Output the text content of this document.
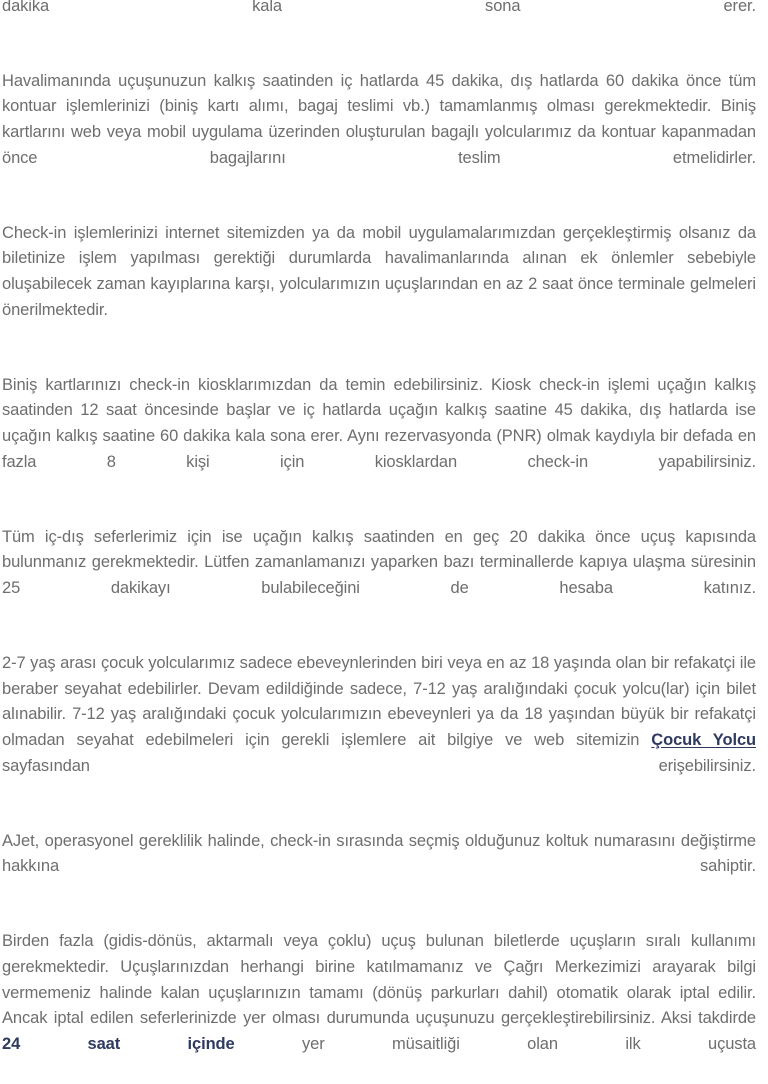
dakika kala sona erer.

Havalimanında uçuşunuzun kalkış saatinden iç hatlarda 45 dakika, dış hatlarda 60 dakika önce tüm kontuar işlemlerinizi (biniş kartı alımı, bagaj teslimi vb.) tamamlanmış olması gerekmektedir. Biniş kartlarını web veya mobil uygulama üzerinden oluşturulan bagajlı yolcularımız da kontuar kapanmadan önce bagajlarını teslim etmelidirler.

Check-in işlemlerinizi internet sitemizden ya da mobil uygulamalarımızdan gerçekleştirmiş olsanız da biletinize işlem yapılması gerektiği durumlarda havalimanlarında alınan ek önlemler sebebiyle oluşabilecek zaman kayıplarına karşı, yolcularımızın uçuşlarından en az 2 saat önce terminale gelmeleri önerilmektedir.

Biniş kartlarınızı check-in kiosklarımızdan da temin edebilirsiniz. Kiosk check-in işlemi uçağın kalkış saatinden 12 saat öncesinde başlar ve iç hatlarda uçağın kalkış saatine 45 dakika, dış hatlarda ise uçağın kalkış saatine 60 dakika kala sona erer. Aynı rezervasyonda (PNR) olmak kaydıyla bir defada en fazla 8 kişi için kiosklardan check-in yapabilirsiniz.

Tüm iç-dış seferlerimiz için ise uçağın kalkış saatinden en geç 20 dakika önce uçuş kapısında bulunmanız gerekmektedir. Lütfen zamanlamanızı yaparken bazı terminallerde kapıya ulaşma süresinin 25 dakikayı bulabileceğini de hesaba katınız.

2-7 yaş arası çocuk yolcularımız sadece ebeveynlerinden biri veya en az 18 yaşında olan bir refakatçi ile beraber seyahat edebilirler. Devam edildiğinde sadece, 7-12 yaş aralığındaki çocuk yolcu(lar) için bilet alınabilir. 7-12 yaş aralığındaki çocuk yolcularımızın ebeveynleri ya da 18 yaşından büyük bir refakatçi olmadan seyahat edebilmeleri için gerekli işlemlere ait bilgiye ve web sitemizin Çocuk Yolcu sayfasından erişebilirsiniz.

AJet, operasyonel gereklilik halinde, check-in sırasında seçmiş olduğunuz koltuk numarasını değiştirme hakkına sahiptir.

Birden fazla (gidis-dönüs, aktarmalı veya çoklu) uçuş bulunan biletlerde uçuşların sıralı kullanımı gerekmektedir. Uçuşlarınızdan herhangi birine katılmamanız ve Çağrı Merkezimizi arayarak bilgi vermemeniz halinde kalan uçuşlarınızın tamamı (dönüş parkurları dahil) otomatik olarak iptal edilir. Ancak iptal edilen seferlerinizde yer olması durumunda uçuşunuzu gerçekleştirebilirsiniz. Aksi takdirde 24 saat içinde yer müsaitliği olan ilk uçusta
